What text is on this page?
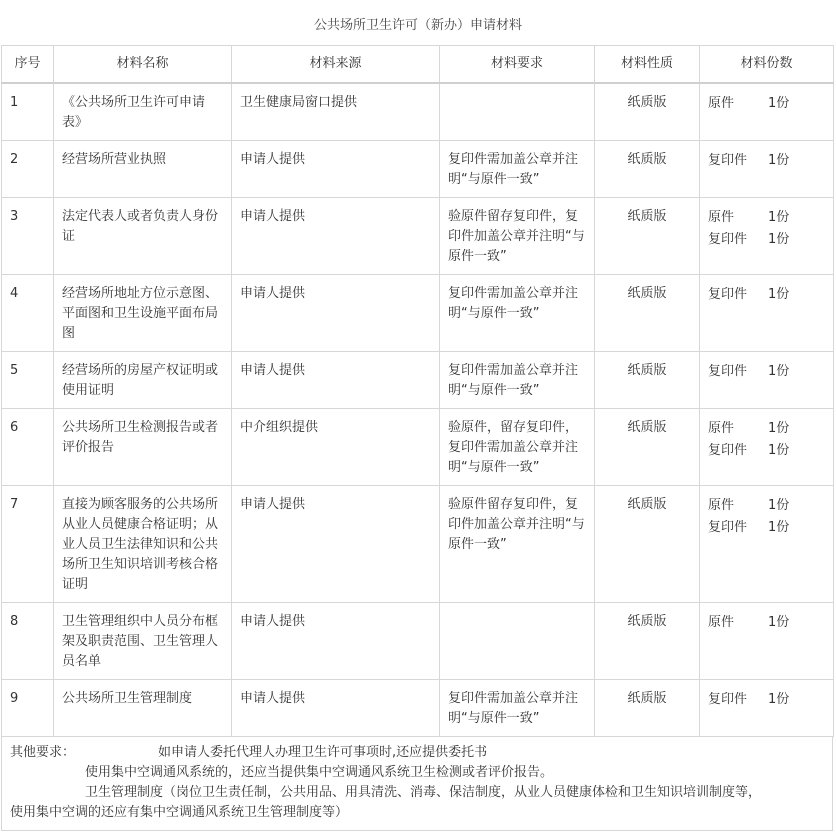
公共场所卫生许可（新办）申请材料
序号	材料名称	材料来源	材料要求	材料性质	材料份数
1	《公共场所卫生许可申请表》	卫生健康局窗口提供		纸质版	原件 1份

2	经营场所营业执照	申请人提供	复印件需加盖公章并注明“与原件一致”	纸质版	复印件 1份

3	法定代表人或者负责人身份证	申请人提供	验原件留存复印件，复印件加盖公章并注明“与原件一致”	纸质版	原件 1份
复印件 1份

4	经营场所地址方位示意图、平面图和卫生设施平面布局图	申请人提供	复印件需加盖公章并注明“与原件一致”	纸质版	复印件 1份

5	经营场所的房屋产权证明或使用证明	申请人提供	复印件需加盖公章并注明“与原件一致”	纸质版	复印件 1份

6	公共场所卫生检测报告或者评价报告	中介组织提供	验原件，留存复印件，复印件需加盖公章并注明“与原件一致”	纸质版	原件 1份
复印件 1份

7	直接为顾客服务的公共场所从业人员健康合格证明；从业人员卫生法律知识和公共场所卫生知识培训考核合格证明	申请人提供	验原件留存复印件，复印件加盖公章并注明“与原件一致”	纸质版	原件 1份
复印件 1份

8	卫生管理组织中人员分布框架及职责范围、卫生管理人员名单	申请人提供		纸质版	原件 1份

9	公共场所卫生管理制度	申请人提供	复印件需加盖公章并注明“与原件一致”	纸质版	复印件 1份
其他要求：	如申请人委托代理人办理卫生许可事项时,还应提供委托书
使用集中空调通风系统的，还应当提供集中空调通风系统卫生检测或者评价报告。
卫生管理制度（岗位卫生责任制，公共用品、用具清洗、消毒、保洁制度，从业人员健康体检和卫生知识培训制度等，
使用集中空调的还应有集中空调通风系统卫生管理制度等）
